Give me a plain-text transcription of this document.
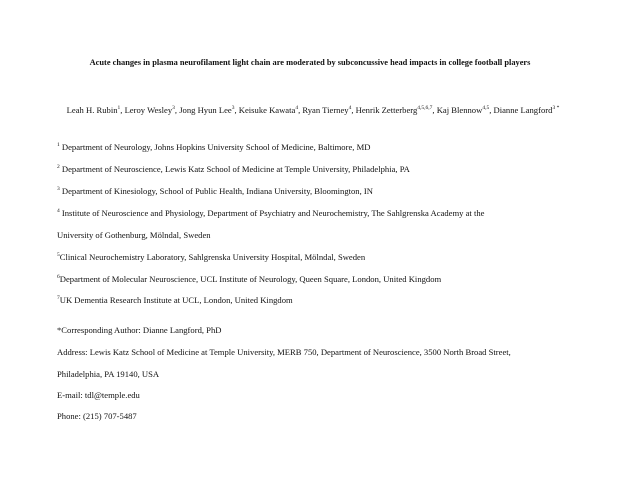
Acute changes in plasma neurofilament light chain are moderated by subconcussive head impacts in college football players
Leah H. Rubin$^1$, Leroy Wesley$^3$, Jong Hyun Lee$^3$, Keisuke Kawata$^4$, Ryan Tierney$^4$, Henrik Zetterberg$^{4,5,6,7}$, Kaj Blennow$^{4,5}$, Dianne Langford$^{3 *}$
$^1$ Department of Neurology, Johns Hopkins University School of Medicine, Baltimore, MD
$^2$ Department of Neuroscience, Lewis Katz School of Medicine at Temple University, Philadelphia, PA
$^3$ Department of Kinesiology, School of Public Health, Indiana University, Bloomington, IN
$^4$ Institute of Neuroscience and Physiology, Department of Psychiatry and Neurochemistry, The Sahlgrenska Academy at the
University of Gothenburg, Mölndal, Sweden
$^5$Clinical Neurochemistry Laboratory, Sahlgrenska University Hospital, Mölndal, Sweden
$^6$Department of Molecular Neuroscience, UCL Institute of Neurology, Queen Square, London, United Kingdom
$^7$UK Dementia Research Institute at UCL, London, United Kingdom
*Corresponding Author: Dianne Langford, PhD
Address: Lewis Katz School of Medicine at Temple University, MERB 750, Department of Neuroscience, 3500 North Broad Street,
Philadelphia, PA 19140, USA
E-mail: tdl@temple.edu
Phone: (215) 707-5487
